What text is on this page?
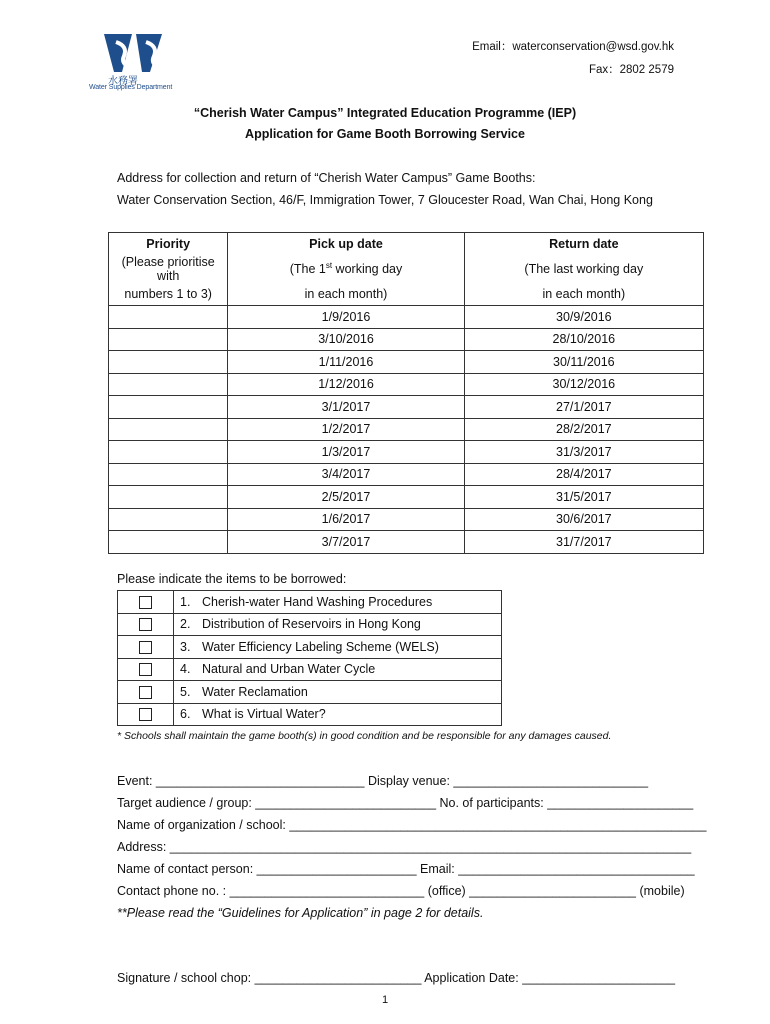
水務署
Water Supplies Department
Email：waterconservation@wsd.gov.hk
Fax：2802 2579
“Cherish Water Campus” Integrated Education Programme (IEP)
Application for Game Booth Borrowing Service
Address for collection and return of “Cherish Water Campus” Game Booths:
Water Conservation Section, 46/F, Immigration Tower, 7 Gloucester Road, Wan Chai, Hong Kong
Priority	Pick up date	Return date
(Please prioritise with	(The 1st working day	(The last working day
numbers 1 to 3)	in each month)	in each month)
	1/9/2016	30/9/2016
	3/10/2016	28/10/2016
	1/11/2016	30/11/2016
	1/12/2016	30/12/2016
	3/1/2017	27/1/2017
	1/2/2017	28/2/2017
	1/3/2017	31/3/2017
	3/4/2017	28/4/2017
	2/5/2017	31/5/2017
	1/6/2017	30/6/2017
	3/7/2017	31/7/2017
Please indicate the items to be borrowed:
	1. Cherish-water Hand Washing Procedures
	2. Distribution of Reservoirs in Hong Kong
	3. Water Efficiency Labeling Scheme (WELS)
	4. Natural and Urban Water Cycle
	5. Water Reclamation
	6. What is Virtual Water?
* Schools shall maintain the game booth(s) in good condition and be responsible for any damages caused.
Event: ______________________________ Display venue: ____________________________
Target audience / group: __________________________ No. of participants: _____________________
Name of organization / school: ____________________________________________________________
Address: ___________________________________________________________________________
Name of contact person: _______________________ Email: __________________________________
Contact phone no. : ____________________________ (office) ________________________ (mobile)
**Please read the “Guidelines for Application” in page 2 for details.
Signature / school chop: ________________________ Application Date: ______________________
1
